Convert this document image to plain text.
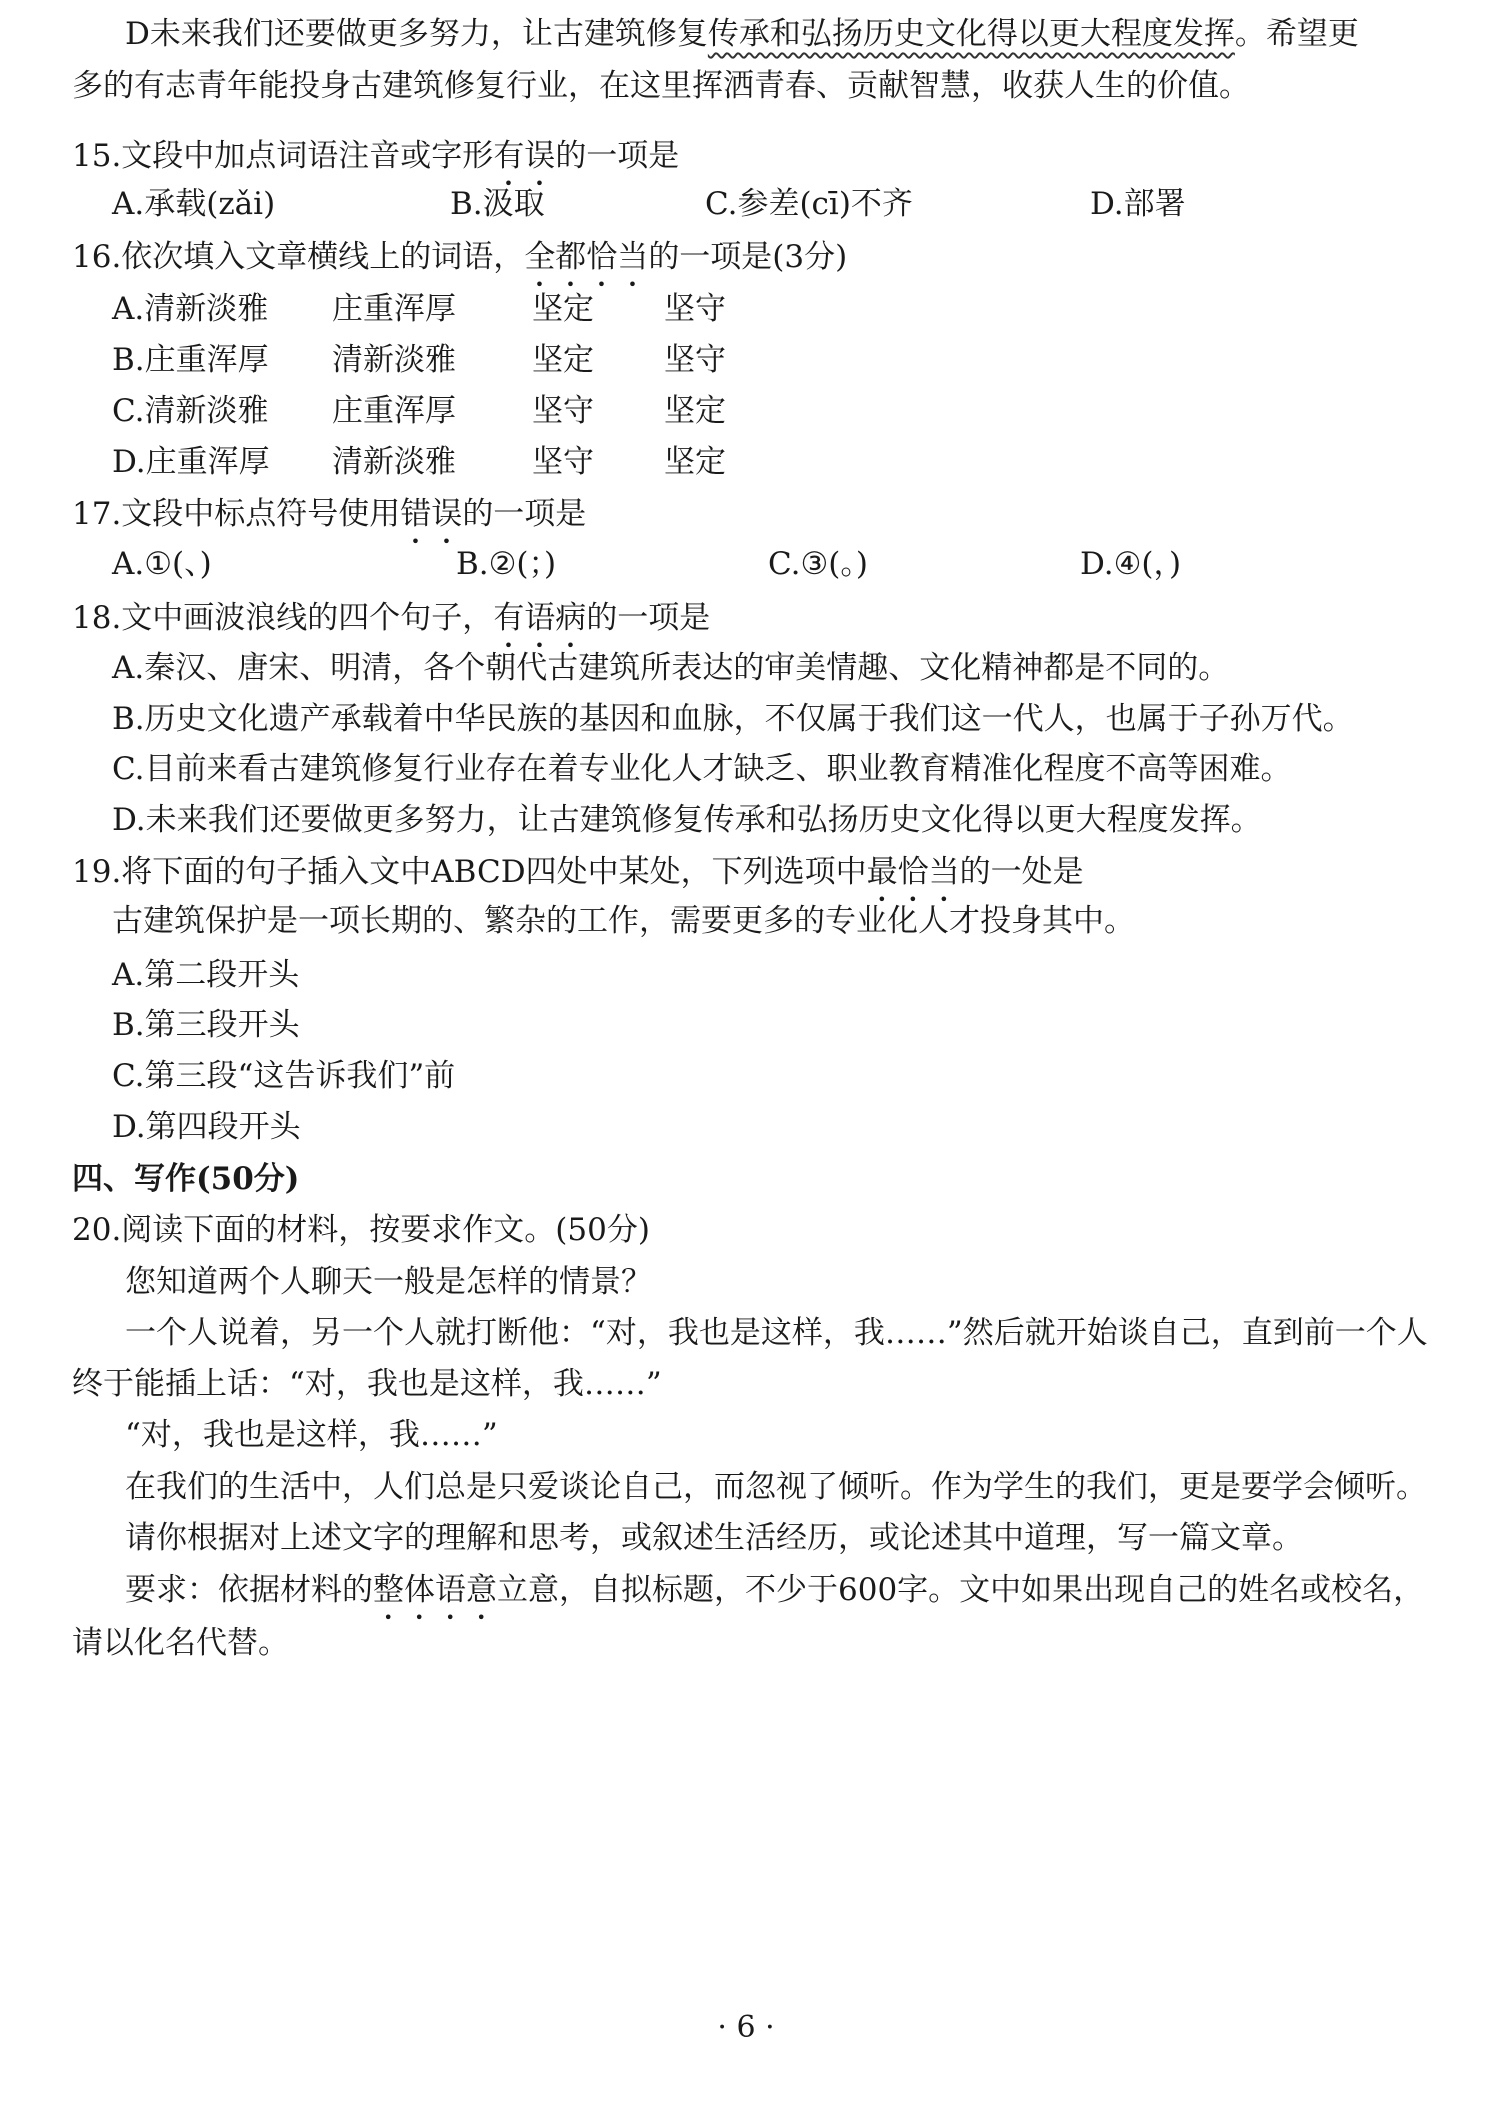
D未来我们还要做更多努力，让古建筑修复传承和弘扬历史文化得以更大程度发挥。希望更
多的有志青年能投身古建筑修复行业，在这里挥洒青春、贡献智慧，收获人生的价值。
15.文段中加点词语注音或字形有误的一项是
A.承载(zǎi)	B.汲取	C.参差(cī)不齐	D.部署
16.依次填入文章横线上的词语，全都恰当的一项是(3分)
A.清新淡雅 庄重浑厚 坚定 坚守
B.庄重浑厚 清新淡雅 坚定 坚守
C.清新淡雅 庄重浑厚 坚守 坚定
D.庄重浑厚 清新淡雅 坚守 坚定
17.文段中标点符号使用错误的一项是
A.①(、)	B.②(；)	C.③(。)	D.④(，)
18.文中画波浪线的四个句子，有语病的一项是
A.秦汉、唐宋、明清，各个朝代古建筑所表达的审美情趣、文化精神都是不同的。
B.历史文化遗产承载着中华民族的基因和血脉，不仅属于我们这一代人，也属于子孙万代。
C.目前来看古建筑修复行业存在着专业化人才缺乏、职业教育精准化程度不高等困难。
D.未来我们还要做更多努力，让古建筑修复传承和弘扬历史文化得以更大程度发挥。
19.将下面的句子插入文中ABCD四处中某处，下列选项中最恰当的一处是
古建筑保护是一项长期的、繁杂的工作，需要更多的专业化人才投身其中。
A.第二段开头
B.第三段开头
C.第三段“这告诉我们”前
D.第四段开头
四、写作(50分)
20.阅读下面的材料，按要求作文。(50分)
您知道两个人聊天一般是怎样的情景？
一个人说着，另一个人就打断他：“对，我也是这样，我……”然后就开始谈自己，直到前一个人
终于能插上话：“对，我也是这样，我……”
“对，我也是这样，我……”
在我们的生活中，人们总是只爱谈论自己，而忽视了倾听。作为学生的我们，更是要学会倾听。
请你根据对上述文字的理解和思考，或叙述生活经历，或论述其中道理，写一篇文章。
要求：依据材料的整体语意立意，自拟标题，不少于600字。文中如果出现自己的姓名或校名，
请以化名代替。
· 6 ·
